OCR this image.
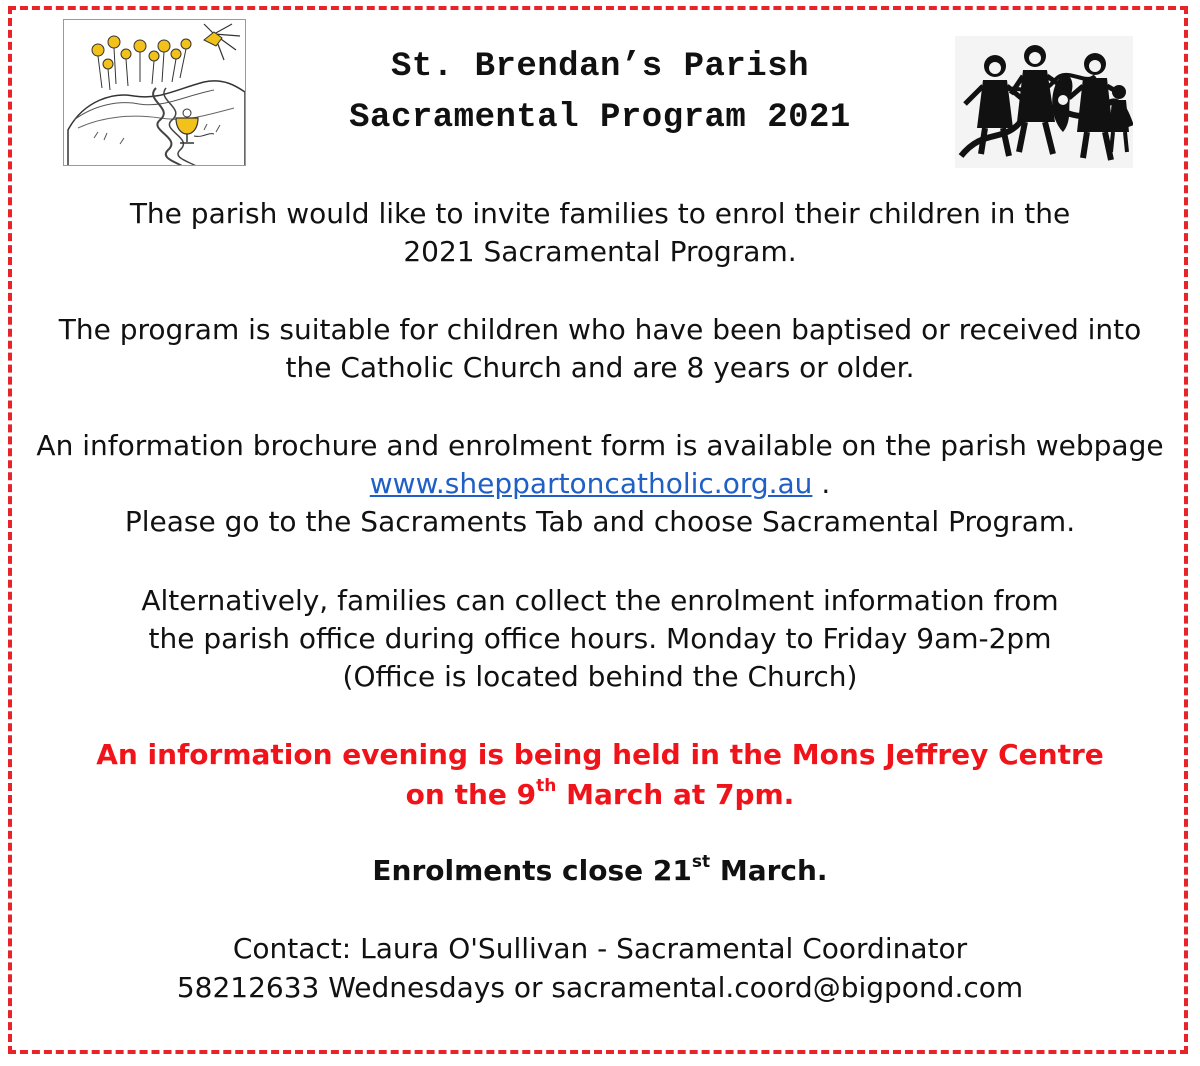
St. Brendan’s Parish
Sacramental Program 2021

The parish would like to invite families to enrol their children in the
2021 Sacramental Program.

The program is suitable for children who have been baptised or received into
the Catholic Church and are 8 years or older.

An information brochure and enrolment form is available on the parish webpage
www.sheppartoncatholic.org.au .
Please go to the Sacraments Tab and choose Sacramental Program.

Alternatively, families can collect the enrolment information from
the parish office during office hours. Monday to Friday 9am-2pm
(Office is located behind the Church)

An information evening is being held in the Mons Jeffrey Centre
on the 9th March at 7pm.

Enrolments close 21st March.

Contact: Laura O'Sullivan - Sacramental Coordinator
58212633 Wednesdays or sacramental.coord@bigpond.com
